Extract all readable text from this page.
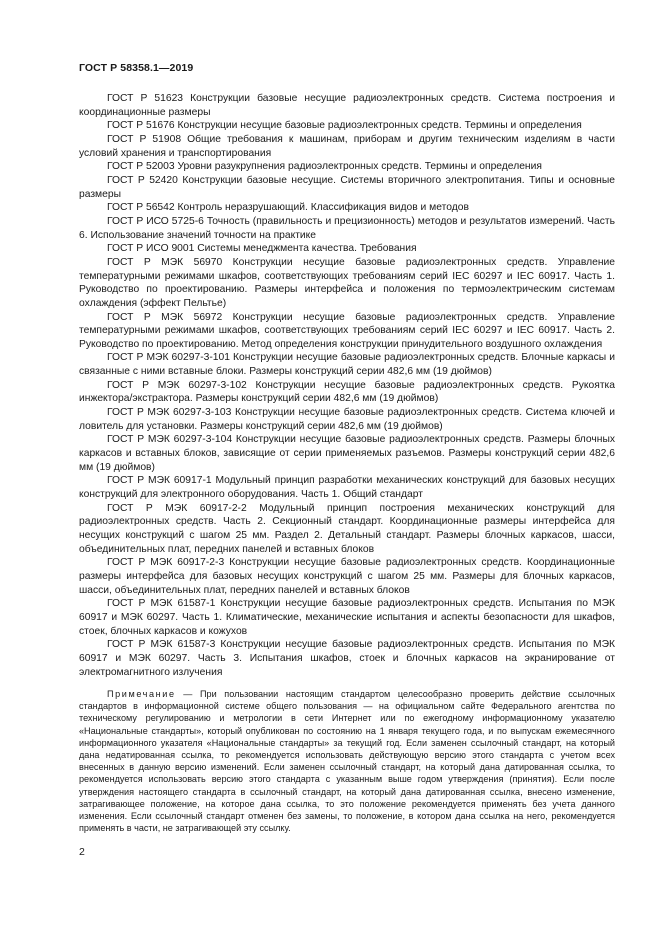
ГОСТ Р 58358.1—2019

ГОСТ Р 51623 Конструкции базовые несущие радиоэлектронных средств. Система построения и координационные размеры

ГОСТ Р 51676 Конструкции несущие базовые радиоэлектронных средств. Термины и определения

ГОСТ Р 51908 Общие требования к машинам, приборам и другим техническим изделиям в части условий хранения и транспортирования

ГОСТ Р 52003 Уровни разукрупнения радиоэлектронных средств. Термины и определения

ГОСТ Р 52420 Конструкции базовые несущие. Системы вторичного электропитания. Типы и основные размеры

ГОСТ Р 56542 Контроль неразрушающий. Классификация видов и методов

ГОСТ Р ИСО 5725-6 Точность (правильность и прецизионность) методов и результатов измерений. Часть 6. Использование значений точности на практике

ГОСТ Р ИСО 9001 Системы менеджмента качества. Требования

ГОСТ Р МЭК 56970 Конструкции несущие базовые радиоэлектронных средств. Управление температурными режимами шкафов, соответствующих требованиям серий IEC 60297 и IEC 60917. Часть 1. Руководство по проектированию. Размеры интерфейса и положения по термоэлектрическим системам охлаждения (эффект Пельтье)

ГОСТ Р МЭК 56972 Конструкции несущие базовые радиоэлектронных средств. Управление температурными режимами шкафов, соответствующих требованиям серий IEC 60297 и IEC 60917. Часть 2. Руководство по проектированию. Метод определения конструкции принудительного воздушного охлаждения

ГОСТ Р МЭК 60297-3-101 Конструкции несущие базовые радиоэлектронных средств. Блочные каркасы и связанные с ними вставные блоки. Размеры конструкций серии 482,6 мм (19 дюймов)

ГОСТ Р МЭК 60297-3-102 Конструкции несущие базовые радиоэлектронных средств. Рукоятка инжектора/экстрактора. Размеры конструкций серии 482,6 мм (19 дюймов)

ГОСТ Р МЭК 60297-3-103 Конструкции несущие базовые радиоэлектронных средств. Система ключей и ловитель для установки. Размеры конструкций серии 482,6 мм (19 дюймов)

ГОСТ Р МЭК 60297-3-104 Конструкции несущие базовые радиоэлектронных средств. Размеры блочных каркасов и вставных блоков, зависящие от серии применяемых разъемов. Размеры конструкций серии 482,6 мм (19 дюймов)

ГОСТ Р МЭК 60917-1 Модульный принцип разработки механических конструкций для базовых несущих конструкций для электронного оборудования. Часть 1. Общий стандарт

ГОСТ Р МЭК 60917-2-2 Модульный принцип построения механических конструкций для радиоэлектронных средств. Часть 2. Секционный стандарт. Координационные размеры интерфейса для несущих конструкций с шагом 25 мм. Раздел 2. Детальный стандарт. Размеры блочных каркасов, шасси, объединительных плат, передних панелей и вставных блоков

ГОСТ Р МЭК 60917-2-3 Конструкции несущие базовые радиоэлектронных средств. Координационные размеры интерфейса для базовых несущих конструкций с шагом 25 мм. Размеры для блочных каркасов, шасси, объединительных плат, передних панелей и вставных блоков

ГОСТ Р МЭК 61587-1 Конструкции несущие базовые радиоэлектронных средств. Испытания по МЭК 60917 и МЭК 60297. Часть 1. Климатические, механические испытания и аспекты безопасности для шкафов, стоек, блочных каркасов и кожухов

ГОСТ Р МЭК 61587-3 Конструкции несущие базовые радиоэлектронных средств. Испытания по МЭК 60917 и МЭК 60297. Часть 3. Испытания шкафов, стоек и блочных каркасов на экранирование от электромагнитного излучения

Примечание — При пользовании настоящим стандартом целесообразно проверить действие ссылочных стандартов в информационной системе общего пользования — на официальном сайте Федерального агентства по техническому регулированию и метрологии в сети Интернет или по ежегодному информационному указателю «Национальные стандарты», который опубликован по состоянию на 1 января текущего года, и по выпускам ежемесячного информационного указателя «Национальные стандарты» за текущий год. Если заменен ссылочный стандарт, на который дана недатированная ссылка, то рекомендуется использовать действующую версию этого стандарта с учетом всех внесенных в данную версию изменений. Если заменен ссылочный стандарт, на который дана датированная ссылка, то рекомендуется использовать версию этого стандарта с указанным выше годом утверждения (принятия). Если после утверждения настоящего стандарта в ссылочный стандарт, на который дана датированная ссылка, внесено изменение, затрагивающее положение, на которое дана ссылка, то это положение рекомендуется применять без учета данного изменения. Если ссылочный стандарт отменен без замены, то положение, в котором дана ссылка на него, рекомендуется применять в части, не затрагивающей эту ссылку.

2
